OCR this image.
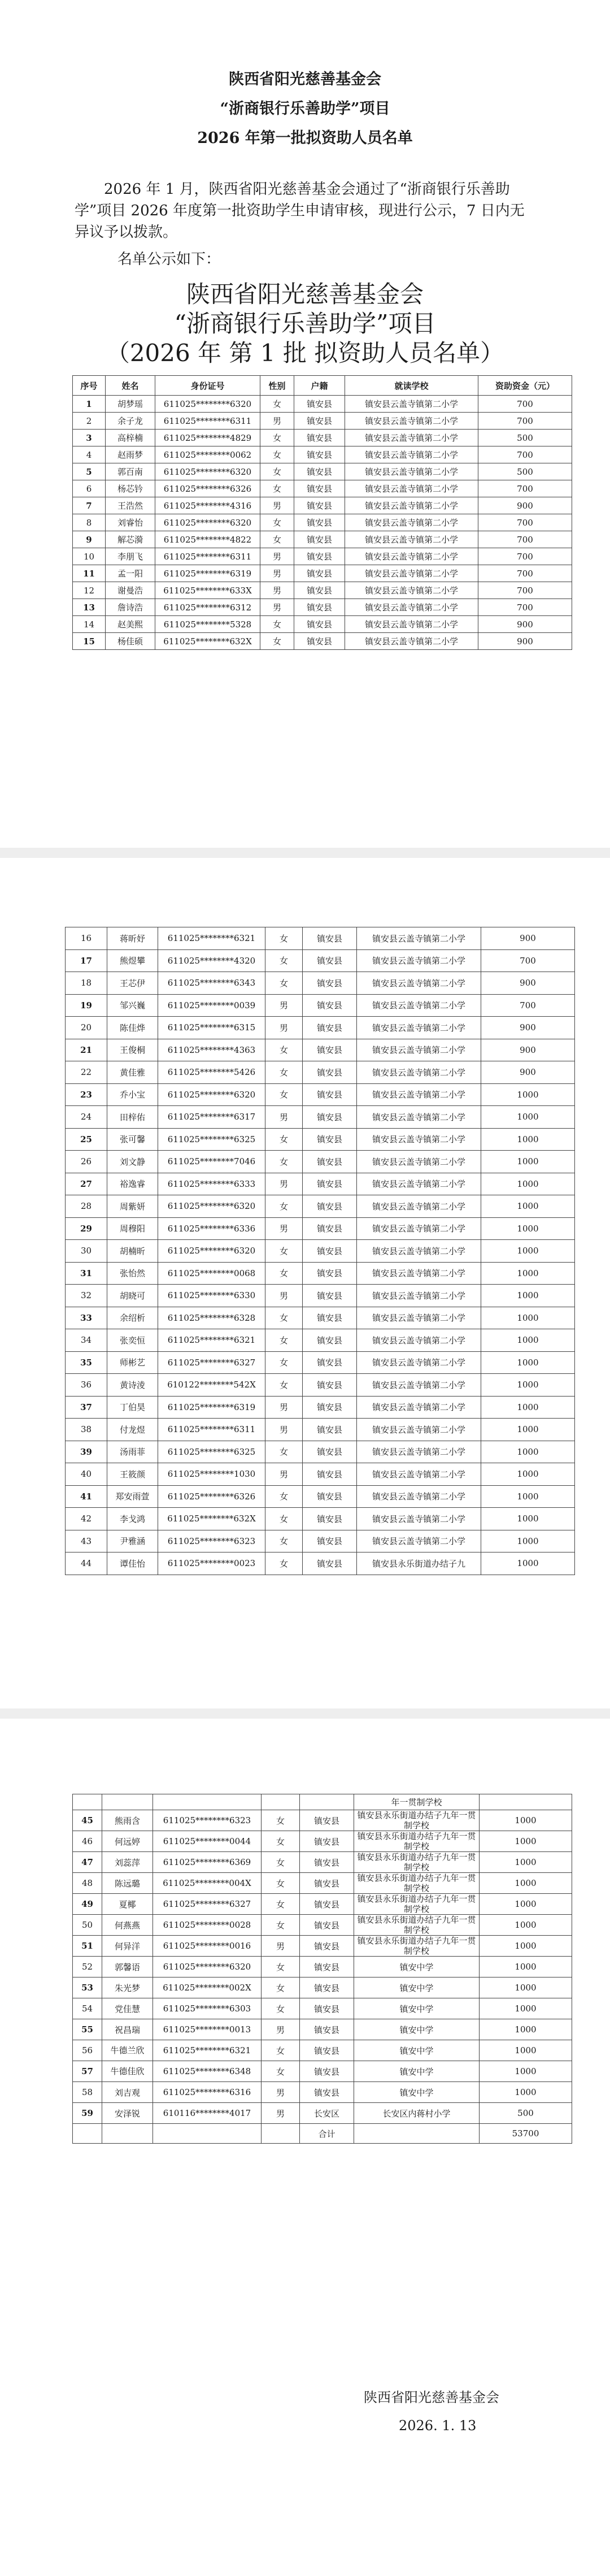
陕西省阳光慈善基金会
“浙商银行乐善助学”项目
2026 年第一批拟资助人员名单
2026 年 1 月，陕西省阳光慈善基金会通过了“浙商银行乐善助学”项目 2026 年度第一批资助学生申请审核，现进行公示，7 日内无异议予以拨款。
名单公示如下：
陕西省阳光慈善基金会
“浙商银行乐善助学”项目
（2026 年 第 1 批 拟资助人员名单）
序号	姓名	身份证号	性别	户籍	就读学校	资助资金（元）
1	胡梦瑶	611025********6320	女	镇安县	镇安县云盖寺镇第二小学	700
2	余子龙	611025********6311	男	镇安县	镇安县云盖寺镇第二小学	700
3	高梓楠	611025********4829	女	镇安县	镇安县云盖寺镇第二小学	500
4	赵雨梦	611025********0062	女	镇安县	镇安县云盖寺镇第二小学	700
5	郭百南	611025********6320	女	镇安县	镇安县云盖寺镇第二小学	500
6	杨芯钤	611025********6326	女	镇安县	镇安县云盖寺镇第二小学	700
7	王浩然	611025********4316	男	镇安县	镇安县云盖寺镇第二小学	900
8	刘睿怡	611025********6320	女	镇安县	镇安县云盖寺镇第二小学	700
9	解芯漪	611025********4822	女	镇安县	镇安县云盖寺镇第二小学	700
10	李朋飞	611025********6311	男	镇安县	镇安县云盖寺镇第二小学	700
11	孟一阳	611025********6319	男	镇安县	镇安县云盖寺镇第二小学	700
12	谢曼浩	611025********633X	男	镇安县	镇安县云盖寺镇第二小学	700
13	詹诗浩	611025********6312	男	镇安县	镇安县云盖寺镇第二小学	700
14	赵美熙	611025********5328	女	镇安县	镇安县云盖寺镇第二小学	900
15	杨佳硕	611025********632X	女	镇安县	镇安县云盖寺镇第二小学	900
16	蒋昕妤	611025********6321	女	镇安县	镇安县云盖寺镇第二小学	900
17	熊煜攀	611025********4320	女	镇安县	镇安县云盖寺镇第二小学	700
18	王芯伊	611025********6343	女	镇安县	镇安县云盖寺镇第二小学	900
19	邹兴巍	611025********0039	男	镇安县	镇安县云盖寺镇第二小学	700
20	陈佳烨	611025********6315	男	镇安县	镇安县云盖寺镇第二小学	900
21	王俊桐	611025********4363	女	镇安县	镇安县云盖寺镇第二小学	900
22	黄佳雅	611025********5426	女	镇安县	镇安县云盖寺镇第二小学	900
23	乔小宝	611025********6320	女	镇安县	镇安县云盖寺镇第二小学	1000
24	田梓佑	611025********6317	男	镇安县	镇安县云盖寺镇第二小学	1000
25	张可馨	611025********6325	女	镇安县	镇安县云盖寺镇第二小学	1000
26	刘文静	611025********7046	女	镇安县	镇安县云盖寺镇第二小学	1000
27	裕逸睿	611025********6333	男	镇安县	镇安县云盖寺镇第二小学	1000
28	周紫妍	611025********6320	女	镇安县	镇安县云盖寺镇第二小学	1000
29	周穆阳	611025********6336	男	镇安县	镇安县云盖寺镇第二小学	1000
30	胡楠昕	611025********6320	女	镇安县	镇安县云盖寺镇第二小学	1000
31	张怡然	611025********0068	女	镇安县	镇安县云盖寺镇第二小学	1000
32	胡晓可	611025********6330	男	镇安县	镇安县云盖寺镇第二小学	1000
33	余绍析	611025********6328	女	镇安县	镇安县云盖寺镇第二小学	1000
34	张奕恒	611025********6321	女	镇安县	镇安县云盖寺镇第二小学	1000
35	师彬艺	611025********6327	女	镇安县	镇安县云盖寺镇第二小学	1000
36	黄诗淩	610122********542X	女	镇安县	镇安县云盖寺镇第二小学	1000
37	丁伯昊	611025********6319	男	镇安县	镇安县云盖寺镇第二小学	1000
38	付龙煜	611025********6311	男	镇安县	镇安县云盖寺镇第二小学	1000
39	汤雨菲	611025********6325	女	镇安县	镇安县云盖寺镇第二小学	1000
40	王筱颜	611025********1030	男	镇安县	镇安县云盖寺镇第二小学	1000
41	郑安雨萱	611025********6326	女	镇安县	镇安县云盖寺镇第二小学	1000
42	李戈鸿	611025********632X	女	镇安县	镇安县云盖寺镇第二小学	1000
43	尹雅涵	611025********6323	女	镇安县	镇安县云盖寺镇第二小学	1000
44	谭佳怡	611025********0023	女	镇安县	镇安县永乐街道办结子九	1000
					年一贯制学校	
45	熊雨含	611025********6323	女	镇安县	镇安县永乐街道办结子九年一贯制学校	1000
46	何远婷	611025********0044	女	镇安县	镇安县永乐街道办结子九年一贯制学校	1000
47	刘蕊萍	611025********6369	女	镇安县	镇安县永乐街道办结子九年一贯制学校	1000
48	陈远璐	611025********004X	女	镇安县	镇安县永乐街道办结子九年一贯制学校	1000
49	夏椰	611025********6327	女	镇安县	镇安县永乐街道办结子九年一贯制学校	1000
50	何燕燕	611025********0028	女	镇安县	镇安县永乐街道办结子九年一贯制学校	1000
51	何异洋	611025********0016	男	镇安县	镇安县永乐街道办结子九年一贯制学校	1000
52	郭馨语	611025********6320	女	镇安县	镇安中学	1000
53	朱光梦	611025********002X	女	镇安县	镇安中学	1000
54	党佳慧	611025********6303	女	镇安县	镇安中学	1000
55	祝昌瑞	611025********0013	男	镇安县	镇安中学	1000
56	牛德兰欣	611025********6321	女	镇安县	镇安中学	1000
57	牛德佳欣	611025********6348	女	镇安县	镇安中学	1000
58	刘吉观	611025********6316	男	镇安县	镇安中学	1000
59	安泽锐	610116********4017	男	长安区	长安区内蒋村小学	500
				合计		53700
陕西省阳光慈善基金会
2026. 1. 13
